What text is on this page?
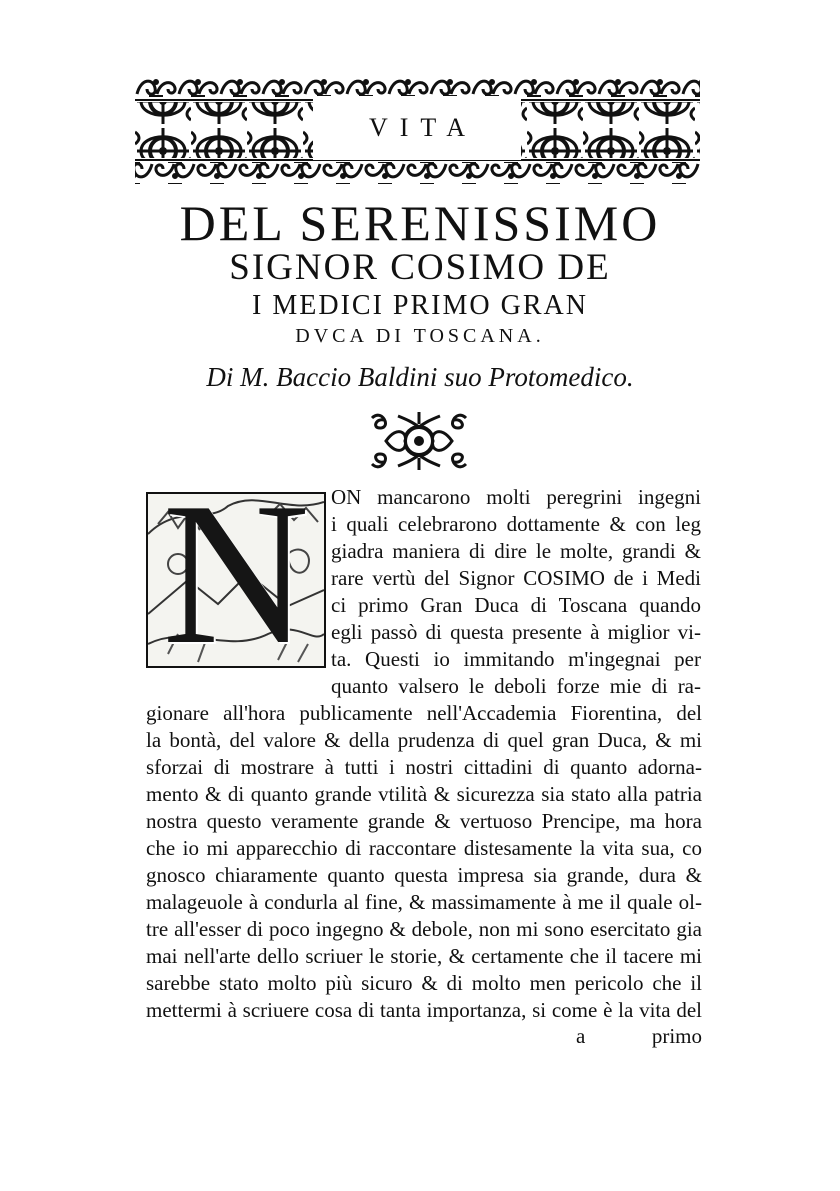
VITA
DEL SERENISSIMO
SIGNOR COSIMO DE
I MEDICI PRIMO GRAN
DVCA DI TOSCANA.
Di M. Baccio Baldini suo Protomedico.
N	ON mancarono molti peregrini ingegni
i quali celebrarono dottamente & con leg
giadra maniera di dire le molte, grandi &
rare vertù del Signor COSIMO de i Medi
ci primo Gran Duca di Toscana quando
egli passò di questa presente à miglior vi-
ta. Questi io immitando m'ingegnai per
quanto valsero le deboli forze mie di ra-
gionare all'hora publicamente nell'Accademia Fiorentina, del
la bontà, del valore & della prudenza di quel gran Duca, & mi
sforzai di mostrare à tutti i nostri cittadini di quanto adorna-
mento & di quanto grande vtilità & sicurezza sia stato alla patria
nostra questo veramente grande & vertuoso Prencipe, ma hora
che io mi apparecchio di raccontare distesamente la vita sua, co
gnosco chiaramente quanto questa impresa sia grande, dura &
malageuole à condurla al fine, & massimamente à me il quale ol-
tre all'esser di poco ingegno & debole, non mi sono esercitato gia
mai nell'arte dello scriuer le storie, & certamente che il tacere mi
sarebbe stato molto più sicuro & di molto men pericolo che il
a	primo
mettermi à scriuere cosa di tanta importanza, si come è la vita del
